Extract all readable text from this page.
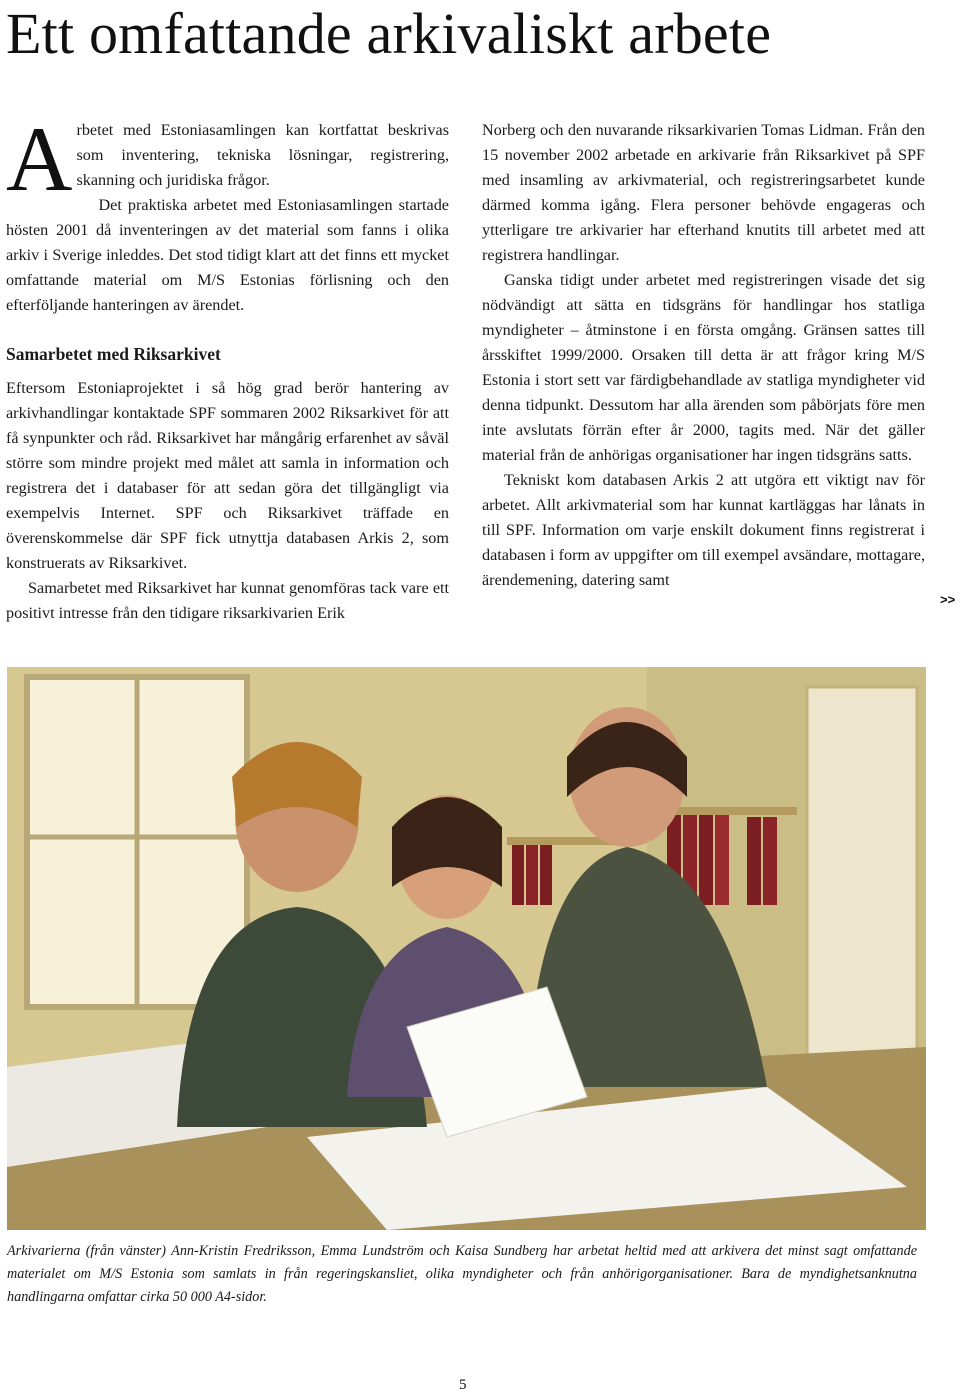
Ett omfattande arkivaliskt arbete

Arbetet med Estoniasamlingen kan kortfattat beskrivas som inventering, tekniska lösningar, registrering, skanning och juridiska frågor.

Det praktiska arbetet med Estoniasamlingen startade hösten 2001 då inventeringen av det material som fanns i olika arkiv i Sverige inleddes. Det stod tidigt klart att det finns ett mycket omfattande material om M/S Estonias förlisning och den efterföljande hanteringen av ärendet.

Samarbetet med Riksarkivet

Eftersom Estoniaprojektet i så hög grad berör hantering av arkivhandlingar kontaktade SPF sommaren 2002 Riksarkivet för att få synpunkter och råd. Riksarkivet har mångårig erfarenhet av såväl större som mindre projekt med målet att samla in information och registrera det i databaser för att sedan göra det tillgängligt via exempelvis Internet. SPF och Riksarkivet träffade en överenskommelse där SPF fick utnyttja databasen Arkis 2, som konstruerats av Riksarkivet.

Samarbetet med Riksarkivet har kunnat genomföras tack vare ett positivt intresse från den tidigare riksarkivarien Erik

Norberg och den nuvarande riksarkivarien Tomas Lidman. Från den 15 november 2002 arbetade en arkivarie från Riksarkivet på SPF med insamling av arkivmaterial, och registreringsarbetet kunde därmed komma igång. Flera personer behövde engageras och ytterligare tre arkivarier har efterhand knutits till arbetet med att registrera handlingar.

Ganska tidigt under arbetet med registreringen visade det sig nödvändigt att sätta en tidsgräns för handlingar hos statliga myndigheter – åtminstone i en första omgång. Gränsen sattes till årsskiftet 1999/2000. Orsaken till detta är att frågor kring M/S Estonia i stort sett var färdigbehandlade av statliga myndigheter vid denna tidpunkt. Dessutom har alla ärenden som påbörjats före men inte avslutats förrän efter år 2000, tagits med. När det gäller material från de anhörigas organisationer har ingen tidsgräns satts.

Tekniskt kom databasen Arkis 2 att utgöra ett viktigt nav för arbetet. Allt arkivmaterial som har kunnat kartläggas har lånats in till SPF. Information om varje enskilt dokument finns registrerat i databasen i form av uppgifter om till exempel avsändare, mottagare, ärendemening, datering samt

>>

Arkivarierna (från vänster) Ann-Kristin Fredriksson, Emma Lundström och Kaisa Sundberg har arbetat heltid med att arkivera det minst sagt omfattande materialet om M/S Estonia som samlats in från regeringskansliet, olika myndigheter och från anhörigorganisationer. Bara de myndighetsanknutna handlingarna omfattar cirka 50 000 A4-sidor.

5
